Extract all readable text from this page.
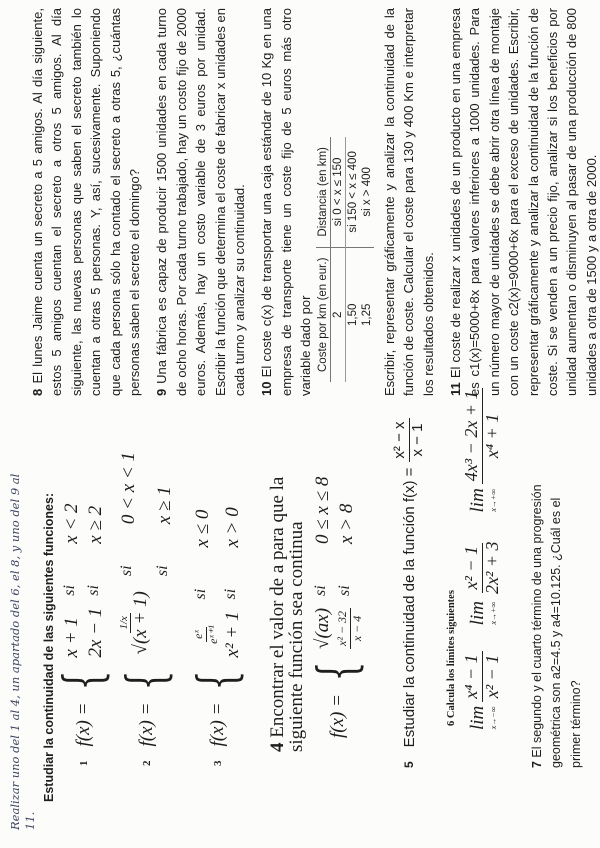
Realizar uno del 1 al 4, un apartado del 6, el 8, y uno del 9 al 11.
Estudiar la continuidad de las siguientes funciones: 1
f(x) =
{
x + 1
si
x < 2
2x − 1
si
x ≥ 2
2
f(x) =
{
1/x √(x + 1)
si
0 < x < 1
si
x ≥ 1
3
f(x) =
{
eˣ eˣ⁺¹
si
x ≤ 0
x² + 1
si
x > 0
4 Encontrar el valor de a para que la siguiente función sea continua f(x) =
{
√(ax)
si
0 ≤ x ≤ 8
x² − 32 x − 4
si
x > 8
5
Estudiar la continuidad de la función f(x) =
x² − x x − 1
6 Calcula los límites siguientes lim x→−∞
x⁴ − 1 x² − 1
lim x→+∞
x² − 1 2x² + 3
lim x→+∞
4x³ − 2x + 1 x⁴ + 1
7 El segundo y el cuarto término de una progresión geométrica son a2=4.5 y a4=10.125. ¿Cuál es el primer término?

8 El lunes Jaime cuenta un secreto a 5 amigos. Al día siguiente, estos 5 amigos cuentan el secreto a otros 5 amigos. Al día siguiente, las nuevas personas que saben el secreto también lo cuentan a otras 5 personas. Y, así, sucesivamente. Suponiendo que cada persona sólo ha contado el secreto a otras 5, ¿cuántas personas saben el secreto el domingo? 9 Una fábrica es capaz de producir 1500 unidades en cada turno de ocho horas. Por cada turno trabajado, hay un costo fijo de 2000 euros. Además, hay un costo variable de 3 euros por unidad. Escribir la función que determina el coste de fabricar x unidades en cada turno y analizar su continuidad. 10 El coste c(x) de transportar una caja estándar de 10 Kg en una empresa de transporte tiene un coste fijo de 5 euros más otro variable dado por Coste por km (en eur.)	Distancia (en km)
2	si 0 < x ≤ 150
1,50	si 150 < x ≤ 400
1,25	si x > 400 Escribir, representar gráficamente y analizar la continuidad de la función de coste. Calcular el coste para 130 y 400 Km e interpretar los resultados obtenidos. 11 El coste de realizar x unidades de un producto en una empresa es c1(x)=5000+8x para valores inferiores a 1000 unidades. Para un número mayor de unidades se debe abrir otra línea de montaje con un coste c2(x)=9000+6x para el exceso de unidades. Escribir, representar gráficamente y analizar la continuidad de la función de coste. Si se venden a un precio fijo, analizar si los beneficios por unidad aumentan o disminuyen al pasar de una producción de 800 unidades a otra de 1500 y a otra de 2000.
